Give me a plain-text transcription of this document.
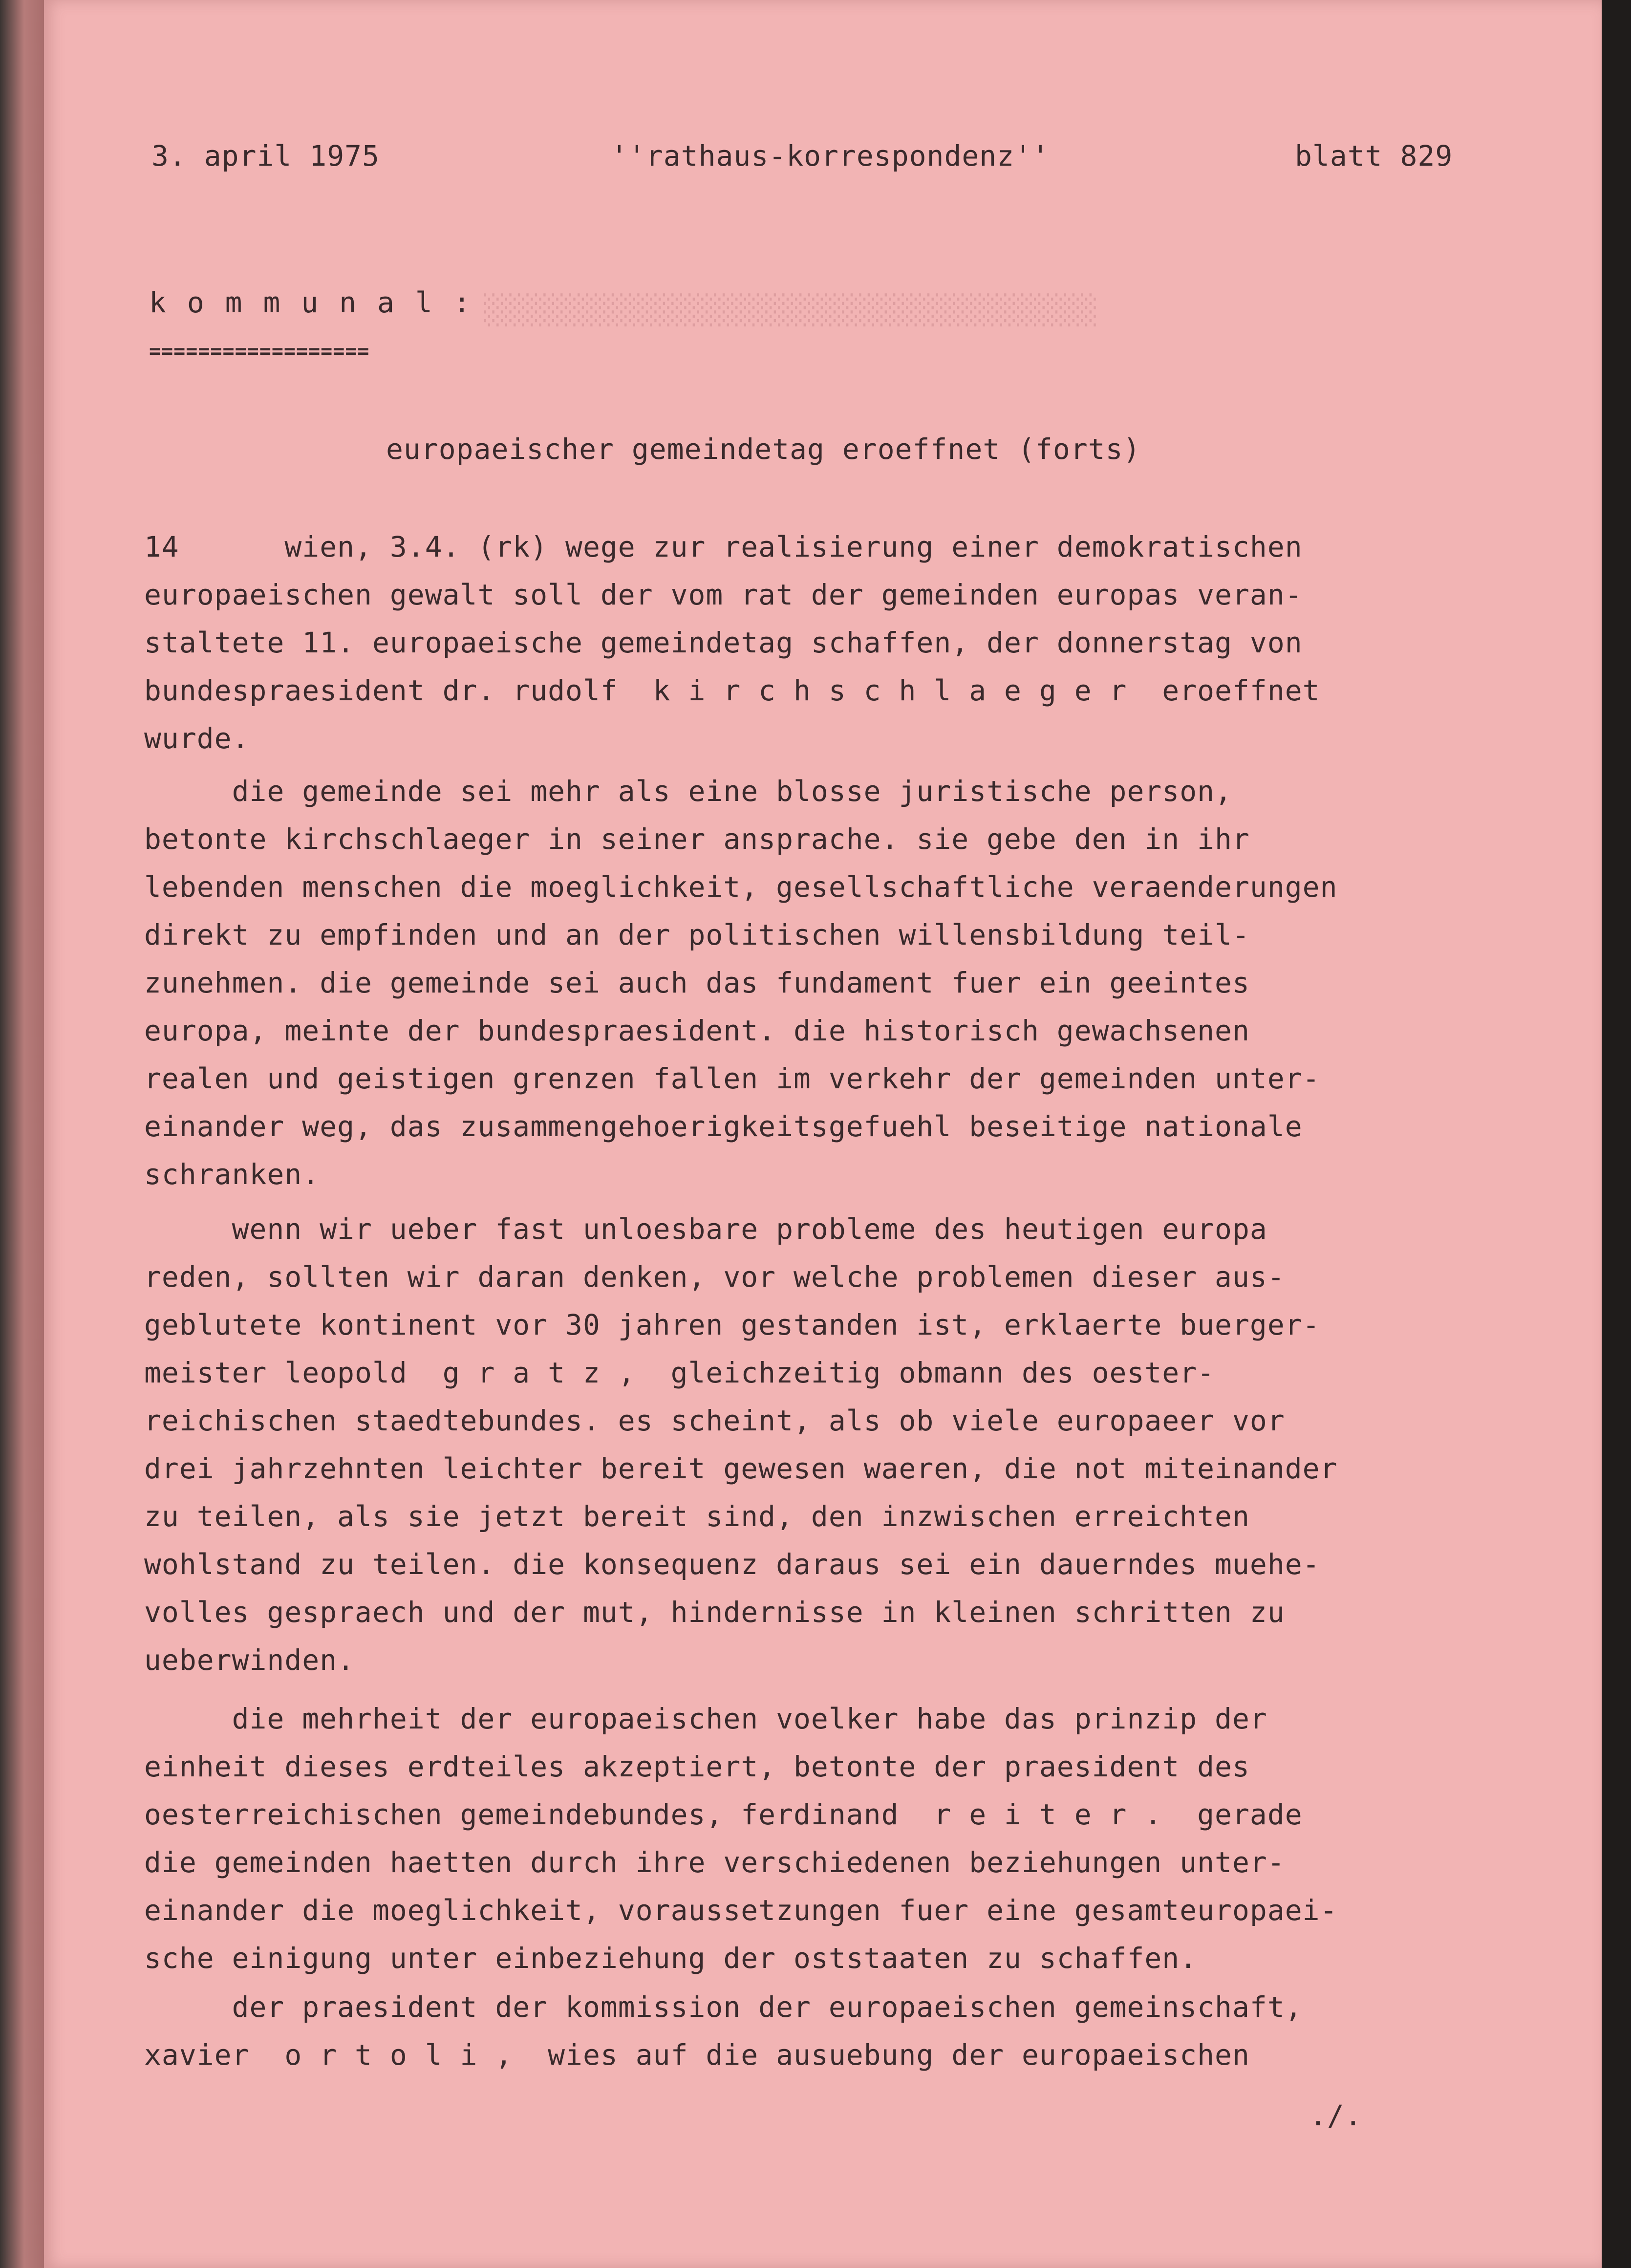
░░░░░░░░░░░░░░░░░░░░░░░░░░░░░░░░░░░░
3. april 1975	''rathaus-korrespondenz''	blatt 829
k o m m u n a l :
==================
europaeischer gemeindetag eroeffnet (forts)
14      wien, 3.4. (rk) wege zur realisierung einer demokratischen
europaeischen gewalt soll der vom rat der gemeinden europas veran-
staltete 11. europaeische gemeindetag schaffen, der donnerstag von
bundespraesident dr. rudolf  k i r c h s c h l a e g e r  eroeffnet
wurde.
die gemeinde sei mehr als eine blosse juristische person,
betonte kirchschlaeger in seiner ansprache. sie gebe den in ihr
lebenden menschen die moeglichkeit, gesellschaftliche veraenderungen
direkt zu empfinden und an der politischen willensbildung teil-
zunehmen. die gemeinde sei auch das fundament fuer ein geeintes
europa, meinte der bundespraesident. die historisch gewachsenen
realen und geistigen grenzen fallen im verkehr der gemeinden unter-
einander weg, das zusammengehoerigkeitsgefuehl beseitige nationale
schranken.
wenn wir ueber fast unloesbare probleme des heutigen europa
reden, sollten wir daran denken, vor welche problemen dieser aus-
geblutete kontinent vor 30 jahren gestanden ist, erklaerte buerger-
meister leopold  g r a t z ,  gleichzeitig obmann des oester-
reichischen staedtebundes. es scheint, als ob viele europaeer vor
drei jahrzehnten leichter bereit gewesen waeren, die not miteinander
zu teilen, als sie jetzt bereit sind, den inzwischen erreichten
wohlstand zu teilen. die konsequenz daraus sei ein dauerndes muehe-
volles gespraech und der mut, hindernisse in kleinen schritten zu
ueberwinden.
die mehrheit der europaeischen voelker habe das prinzip der
einheit dieses erdteiles akzeptiert, betonte der praesident des
oesterreichischen gemeindebundes, ferdinand  r e i t e r .  gerade
die gemeinden haetten durch ihre verschiedenen beziehungen unter-
einander die moeglichkeit, voraussetzungen fuer eine gesamteuropaei-
sche einigung unter einbeziehung der oststaaten zu schaffen.
der praesident der kommission der europaeischen gemeinschaft,
xavier  o r t o l i ,  wies auf die ausuebung der europaeischen
./.
